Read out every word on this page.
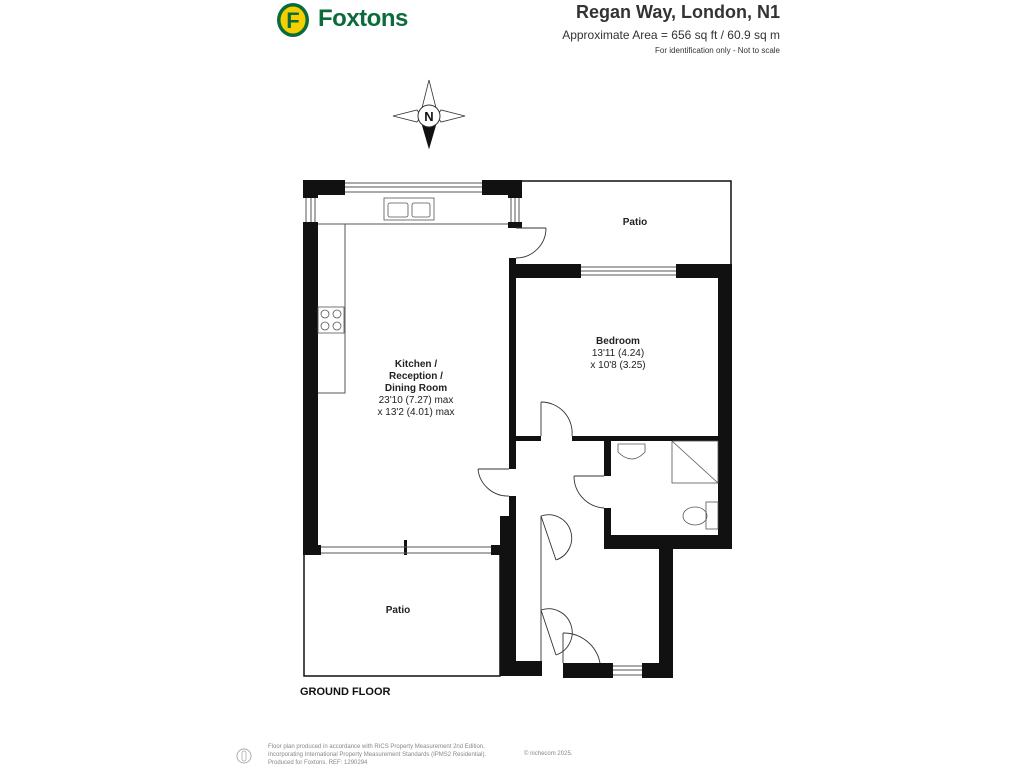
F Foxtons	Regan Way, London, N1
Approximate Area = 656 sq ft / 60.9 sq m
For identification only - Not to scale
N
Kitchen /
Reception /
Dining Room
23'10 (7.27) max
x 13'2 (4.01) max
Bedroom
13'11 (4.24)
x 10'8 (3.25)
Patio
Patio
GROUND FLOOR
Floor plan produced in accordance with RICS Property Measurement 2nd Edition,
Incorporating International Property Measurement Standards (IPMS2 Residential).
Produced for Foxtons. REF: 1290294
© nichecom 2025.
